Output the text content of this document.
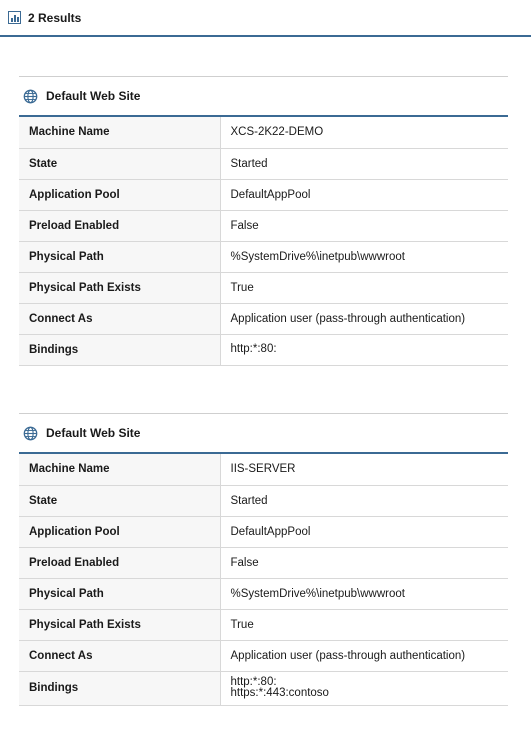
2 Results
Default Web Site
Machine Name	XCS-2K22-DEMO
State	Started
Application Pool	DefaultAppPool
Preload Enabled	False
Physical Path	%SystemDrive%\inetpub\wwwroot
Physical Path Exists	True
Connect As	Application user (pass-through authentication)
Bindings	http:*:80:
Default Web Site
Machine Name	IIS-SERVER
State	Started
Application Pool	DefaultAppPool
Preload Enabled	False
Physical Path	%SystemDrive%\inetpub\wwwroot
Physical Path Exists	True
Connect As	Application user (pass-through authentication)
Bindings	http:*:80:
https:*:443:contoso
